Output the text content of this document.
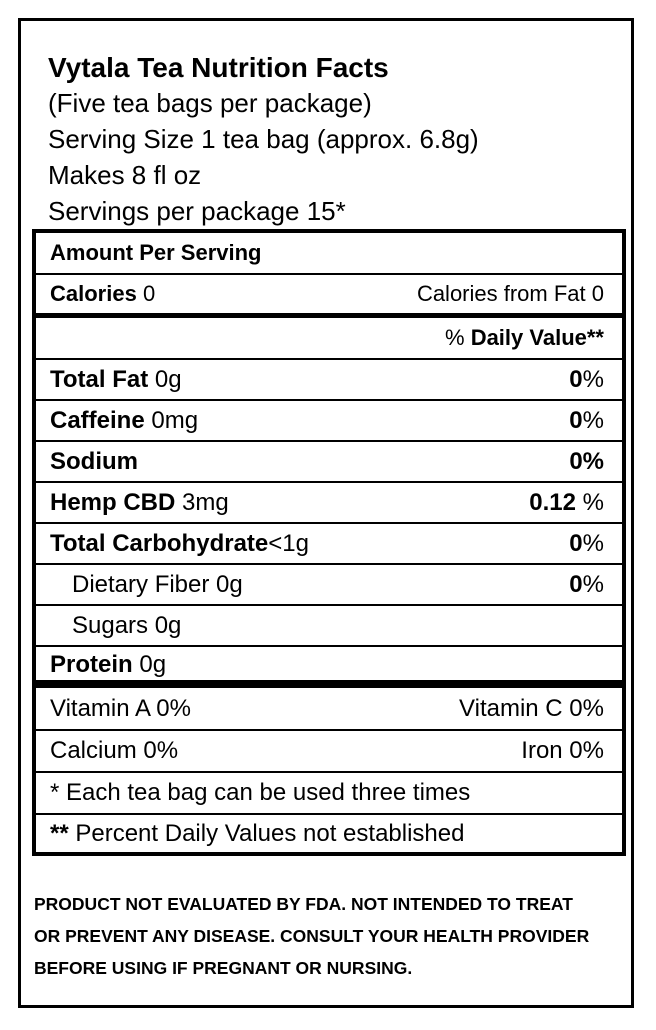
Vytala Tea Nutrition Facts
(Five tea bags per package)
Serving Size 1 tea bag (approx. 6.8g)
Makes 8 fl oz
Servings per package 15*
Amount Per Serving
Calories 0	Calories from Fat 0
% Daily Value**
Total Fat 0g	0%
Caffeine 0mg	0%
Sodium	0%
Hemp CBD 3mg	0.12 %
Total Carbohydrate<1g	0%
Dietary Fiber 0g	0%
Sugars 0g
Protein 0g
Vitamin A 0%	Vitamin C 0%
Calcium 0%	Iron 0%
* Each tea bag can be used three times
** Percent Daily Values not established
PRODUCT NOT EVALUATED BY FDA. NOT INTENDED TO TREAT
OR PREVENT ANY DISEASE. CONSULT YOUR HEALTH PROVIDER
BEFORE USING IF PREGNANT OR NURSING.
